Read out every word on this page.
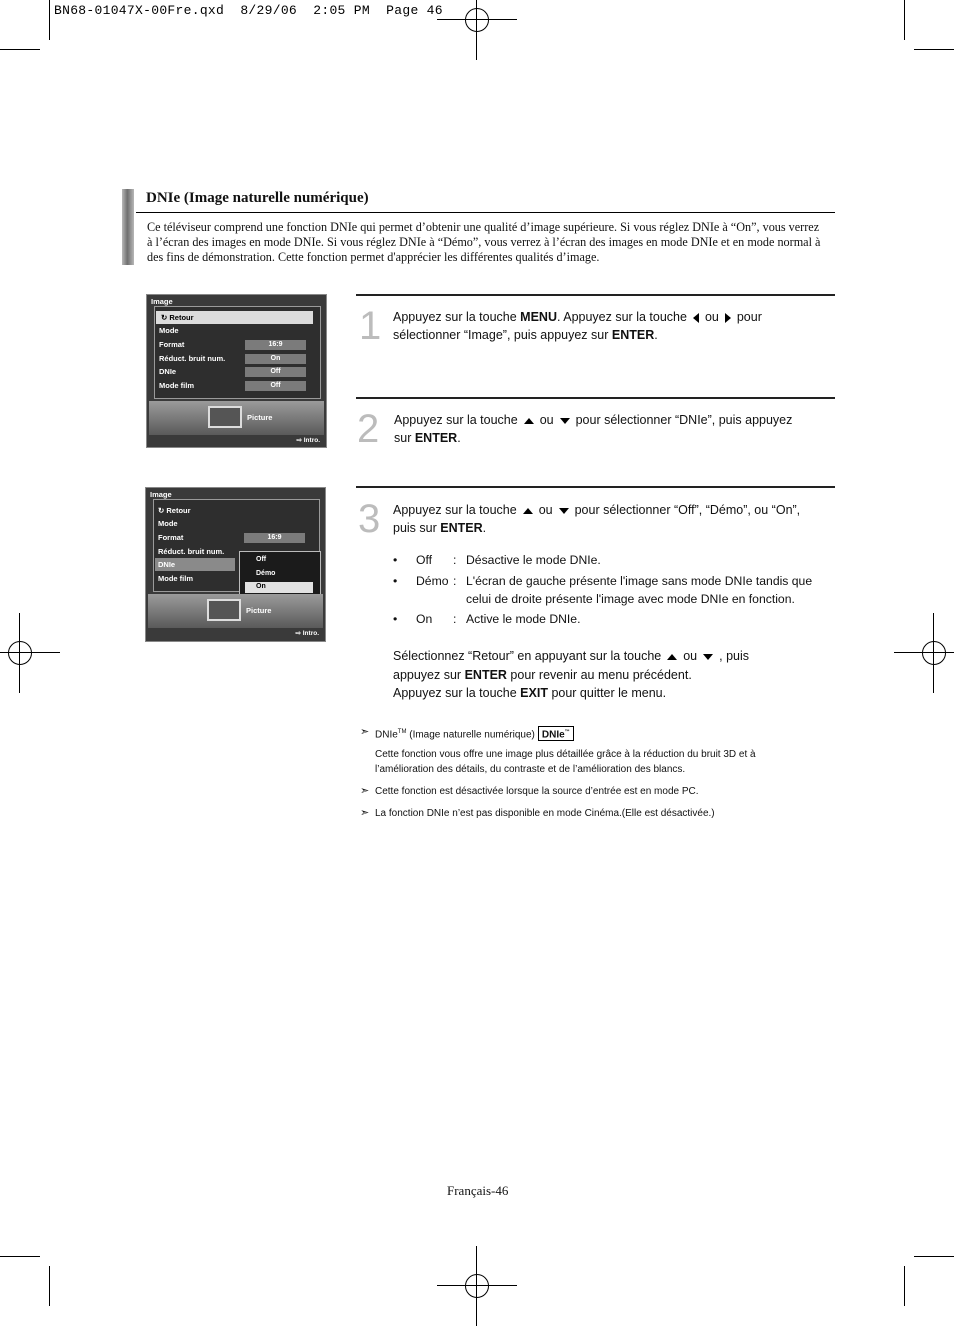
BN68-01047X-00Fre.qxd  8/29/06  2:05 PM  Page 46
DNIe (Image naturelle numérique)
Ce téléviseur comprend une fonction DNIe qui permet d’obtenir une qualité d’image supérieure. Si vous réglez DNIe à “On”, vous verrez à l’écran des images en mode DNIe. Si vous réglez DNIe à “Démo”, vous verrez à l’écran des images en mode DNIe et en mode normal à des fins de démonstration. Cette fonction permet d'apprécier les différentes qualités d’image.
Image
↻ Retour
Mode
Format
Réduct. bruit num.
DNIe
Mode film
16:9
On
Off
Off
Picture
⇨ Intro.
Image
↻ Retour
Mode
Format
Réduct. bruit num.
DNIe
Mode film
16:9
Off
Démo
On
Picture
⇨ Intro.
1 Appuyez sur la touche MENU. Appuyez sur la touche ou pour
sélectionner “Image”, puis appuyez sur ENTER.
2 Appuyez sur la touche ou pour sélectionner “DNIe”, puis appuyez
sur ENTER.
3 Appuyez sur la touche ou pour sélectionner “Off”, “Démo”, ou “On”,
puis sur ENTER.
• Off : Désactive le mode DNIe.
• Démo : L'écran de gauche présente l'image sans mode DNIe tandis que celui de droite présente l'image avec mode DNIe en fonction.
• On : Active le mode DNIe.
Sélectionnez “Retour” en appuyant sur la touche ou , puis
appuyez sur ENTER pour revenir au menu précédent.
Appuyez sur la touche EXIT pour quitter le menu.
➣ DNIe™ (Image naturelle numérique) DNIe™
Cette fonction vous offre une image plus détaillée grâce à la réduction du bruit 3D et à l’amélioration des détails, du contraste et de l’amélioration des blancs.
➣ Cette fonction est désactivée lorsque la source d’entrée est en mode PC.
➣ La fonction DNIe n’est pas disponible en mode Cinéma.(Elle est désactivée.)
Français-46
